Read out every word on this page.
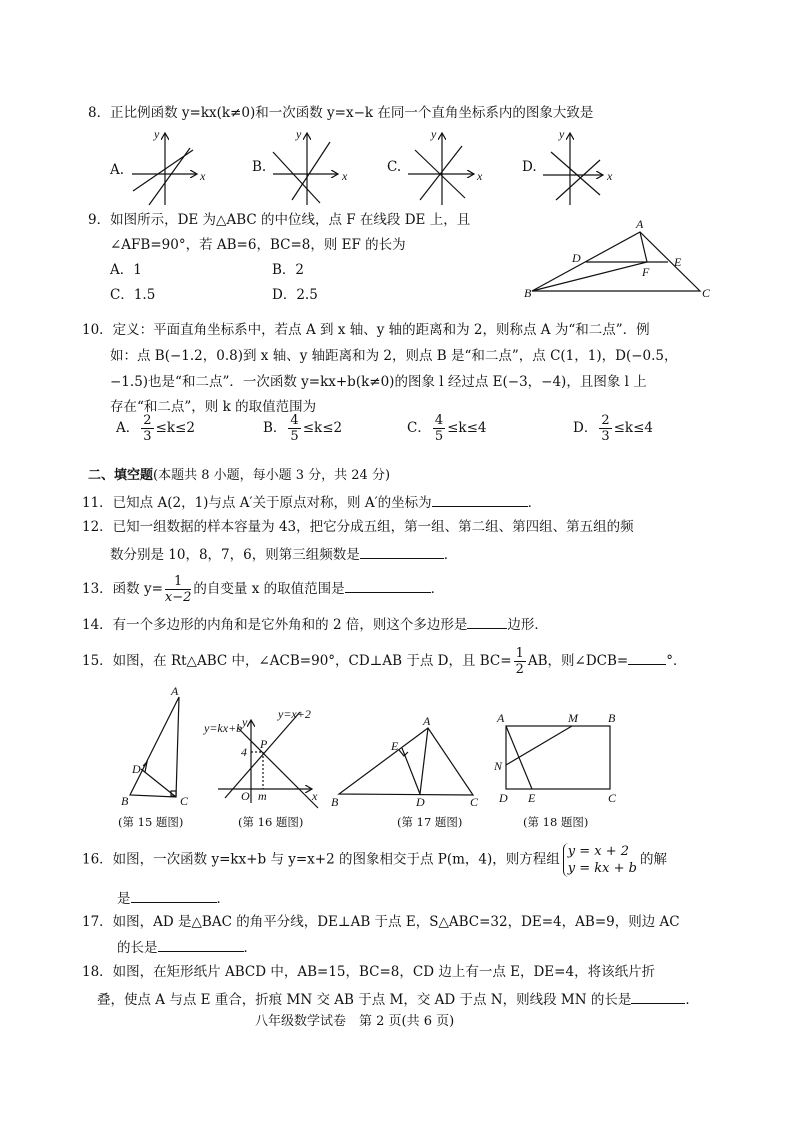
8．正比例函数 y=kx(k≠0)和一次函数 y=x−k 在同一个直角坐标系内的图象大致是
A.	B.	C.	D.
9．如图所示，DE 为△ABC 的中位线，点 F 在线段 DE 上，且
∠AFB=90°，若 AB=6，BC=8，则 EF 的长为
A．1	B．2
C．1.5	D．2.5
10．定义：平面直角坐标系中，若点 A 到 x 轴、y 轴的距离和为 2，则称点 A 为“和二点”．例
如：点 B(−1.2，0.8)到 x 轴、y 轴距离和为 2，则点 B 是“和二点”，点 C(1，1)，D(−0.5，
−1.5)也是“和二点”．一次函数 y=kx+b(k≠0)的图象 l 经过点 E(−3，−4)，且图象 l 上
存在“和二点”，则 k 的取值范围为
A． $\frac{2}{3} \le k\le 2$	B． $\frac{4}{5} \le k\le 2$	C． $\frac{4}{5} \le k\le 4$	D． $\frac{2}{3} \le k\le 4$
二、填空题(本题共 8 小题，每小题 3 分，共 24 分)
11．已知点 A(2，1)与点 A′关于原点对称，则 A′的坐标为	．
12．已知一组数据的样本容量为 43，把它分成五组，第一组、第二组、第四组、第五组的频
数分别是 10，8，7，6，则第三组频数是	．
13．函数 $y= \frac{1}{x-2}$ 的自变量 x 的取值范围是	．
14．有一个多边形的内角和是它外角和的 2 倍，则这个多边形是	边形．
15．如图，在 Rt△ABC 中，∠ACB=90°，CD⊥AB 于点 D，且 $BC= \frac{1}{2}$ AB，则∠DCB=	°．
16．如图，一次函数 y=kx+b 与 y=x+2 的图象相交于点 P(m，4)，则方程组 y = x + 2
y = kx + b
的解
是	．
17．如图，AD 是△BAC 的角平分线，DE⊥AB 于点 E，S△ABC=32，DE=4，AB=9，则边 AC
的长是	．
18．如图，在矩形纸片 ABCD 中，AB=15，BC=8，CD 边上有一点 E，DE=4，将该纸片折
叠，使点 A 与点 E 重合，折痕 MN 交 AB 于点 M，交 AD 于点 N，则线段 MN 的长是	．
八年级数学试卷　第 2 页(共 6 页)
x
y
x
y
x
y
x
y
A
D	E
F
B	C
A
D
B	C
(第 15 题图)
y=kx+b
y=x+2
y
x
P
4
O m
(第 16 题图)
A
E
B	D	C
(第 17 题图)
A	M	B
N
D E	C
(第 18 题图)
